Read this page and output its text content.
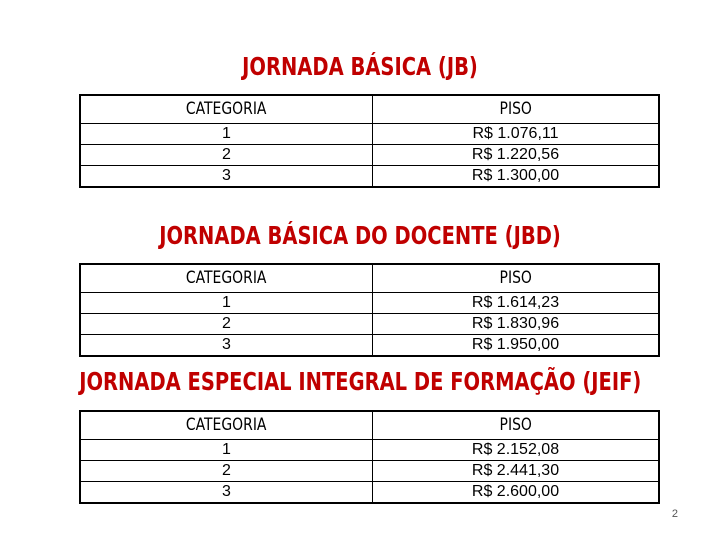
JORNADA BÁSICA (JB)
CATEGORIA	PISO
1	R$ 1.076,11
2	R$ 1.220,56
3	R$ 1.300,00
JORNADA BÁSICA DO DOCENTE (JBD)
CATEGORIA	PISO
1	R$ 1.614,23
2	R$ 1.830,96
3	R$ 1.950,00
JORNADA ESPECIAL INTEGRAL DE FORMAÇÃO (JEIF)
CATEGORIA	PISO
1	R$ 2.152,08
2	R$ 2.441,30
3	R$ 2.600,00
2
